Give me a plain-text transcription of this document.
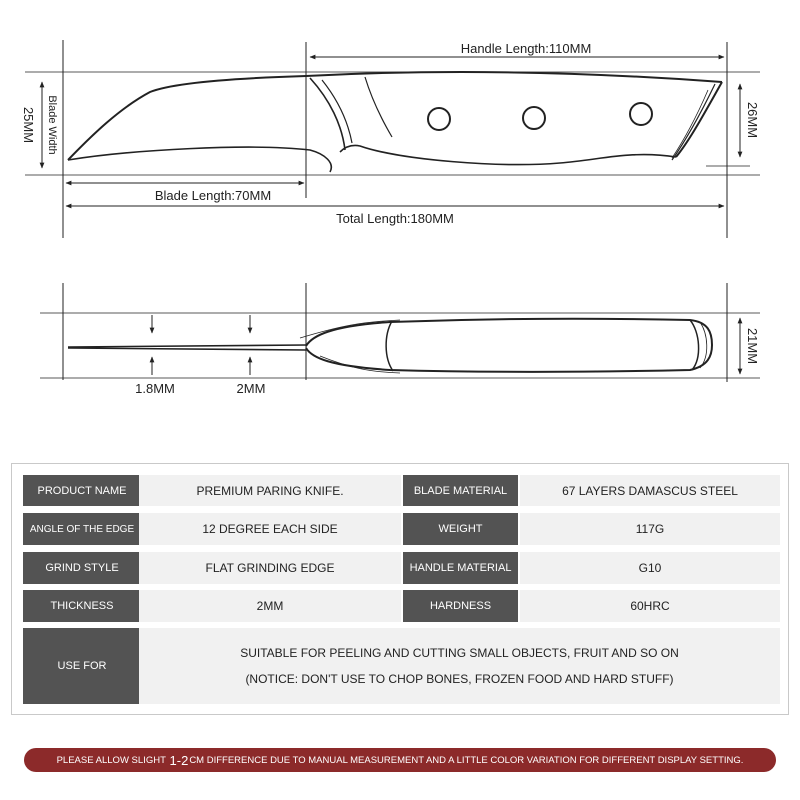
Handle Length:110MM
Blade Length:70MM
Total Length:180MM
Blade Width
25MM	26MM
1.8MM	2MM
21MM
PRODUCT NAME	PREMIUM PARING KNIFE.	BLADE MATERIAL	67 LAYERS DAMASCUS STEEL
ANGLE OF THE EDGE	12 DEGREE EACH SIDE	WEIGHT	117G
GRIND STYLE	FLAT GRINDING EDGE	HANDLE MATERIAL	G10
THICKNESS	2MM	HARDNESS	60HRC
USE FOR
SUITABLE FOR PEELING AND CUTTING SMALL OBJECTS, FRUIT AND SO ON
(NOTICE: DON'T USE TO CHOP BONES, FROZEN FOOD AND HARD STUFF)
PLEASE ALLOW SLIGHT
1-2 CM
DIFFERENCE DUE TO MANUAL MEASUREMENT AND A LITTLE COLOR VARIATION FOR DIFFERENT DISPLAY SETTING.
